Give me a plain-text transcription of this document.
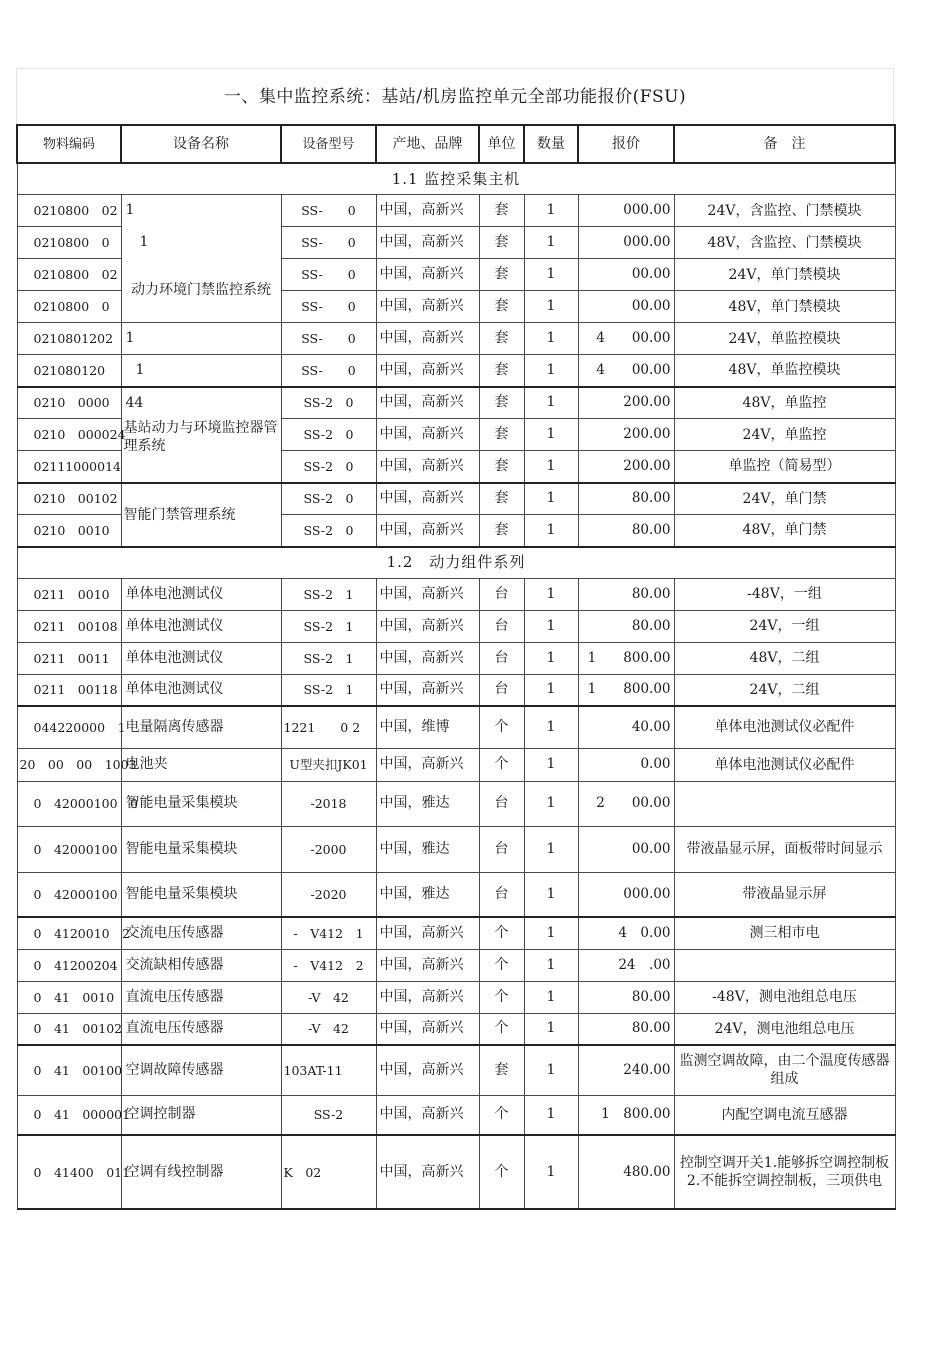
一、集中监控系统：基站/机房监控单元全部功能报价(FSU)
物料编码	设备名称	设备型号	产地、品牌	单位	数量	报价	备　注
1.1 监控采集主机							
0210800　02	1	SS-　　0	中国，高新兴	套	1	000.00	24V，含监控、门禁模块
0210800　0	1	SS-　　0	中国，高新兴	套	1	000.00	48V，含监控、门禁模块
0210800　02	动力环境门禁监控系统	SS-　　0	中国，高新兴	套	1	00.00	24V，单门禁模块
0210800　0		SS-　　0	中国，高新兴	套	1	00.00	48V，单门禁模块
0210801202	1	SS-　　0	中国，高新兴	套	1	4　　00.00	24V，单监控模块
021080120	1	SS-　　0	中国，高新兴	套	1	4　　00.00	48V，单监控模块
0210　0000	44	SS-2　0	中国，高新兴	套	1	200.00	48V，单监控
0210　000024	基站动力与环境监控器管理系统	SS-2　0	中国，高新兴	套	1	200.00	24V，单监控
02111000014		SS-2　0	中国，高新兴	套	1	200.00	单监控（简易型）
0210　00102	智能门禁管理系统	SS-2　0	中国，高新兴	套	1	80.00	24V，单门禁
0210　0010		SS-2　0	中国，高新兴	套	1	80.00	48V，单门禁
1.2　动力组件系列							
0211　0010	单体电池测试仪	SS-2　1	中国，高新兴	台	1	80.00	-48V，一组
0211　00108	单体电池测试仪	SS-2　1	中国，高新兴	台	1	80.00	24V，一组
0211　0011	单体电池测试仪	SS-2　1	中国，高新兴	台	1	1　　800.00	48V，二组
0211　00118	单体电池测试仪	SS-2　1	中国，高新兴	台	1	1　　800.00	24V，二组
044220000　1	电量隔离传感器	1221　　0 2	中国，维博	个	1	40.00	单体电池测试仪必配件
20　00　00　1003	电池夹	U型夹扣JK01	中国，高新兴	个	1	0.00	单体电池测试仪必配件
0　42000100　0	智能电量采集模块	-2018	中国，雅达	台	1	2　　00.00	
0　42000100	智能电量采集模块	-2000	中国，雅达	台	1	00.00	带液晶显示屏，面板带时间显示
0　42000100	智能电量采集模块	-2020	中国，雅达	台	1	000.00	带液晶显示屏
0　4120010　2	交流电压传感器	-　V412　1	中国，高新兴	个	1	4　0.00	测三相市电
0　41200204	交流缺相传感器	-　V412　2	中国，高新兴	个	1	24　.00	
0　41　0010	直流电压传感器	-V　42	中国，高新兴	个	1	80.00	-48V，测电池组总电压
0　41　00102	直流电压传感器	-V　42	中国，高新兴	个	1	80.00	24V，测电池组总电压
0　41　00100	空调故障传感器	103AT-11	中国，高新兴	套	1	240.00	监测空调故障，由二个温度传感器组成
0　41　000001	空调控制器	SS-2	中国，高新兴	个	1	1　800.00	内配空调电流互感器
0　41400　011	空调有线控制器	K　02	中国，高新兴	个	1	480.00	控制空调开关1.能够拆空调控制板2.不能拆空调控制板，三项供电
